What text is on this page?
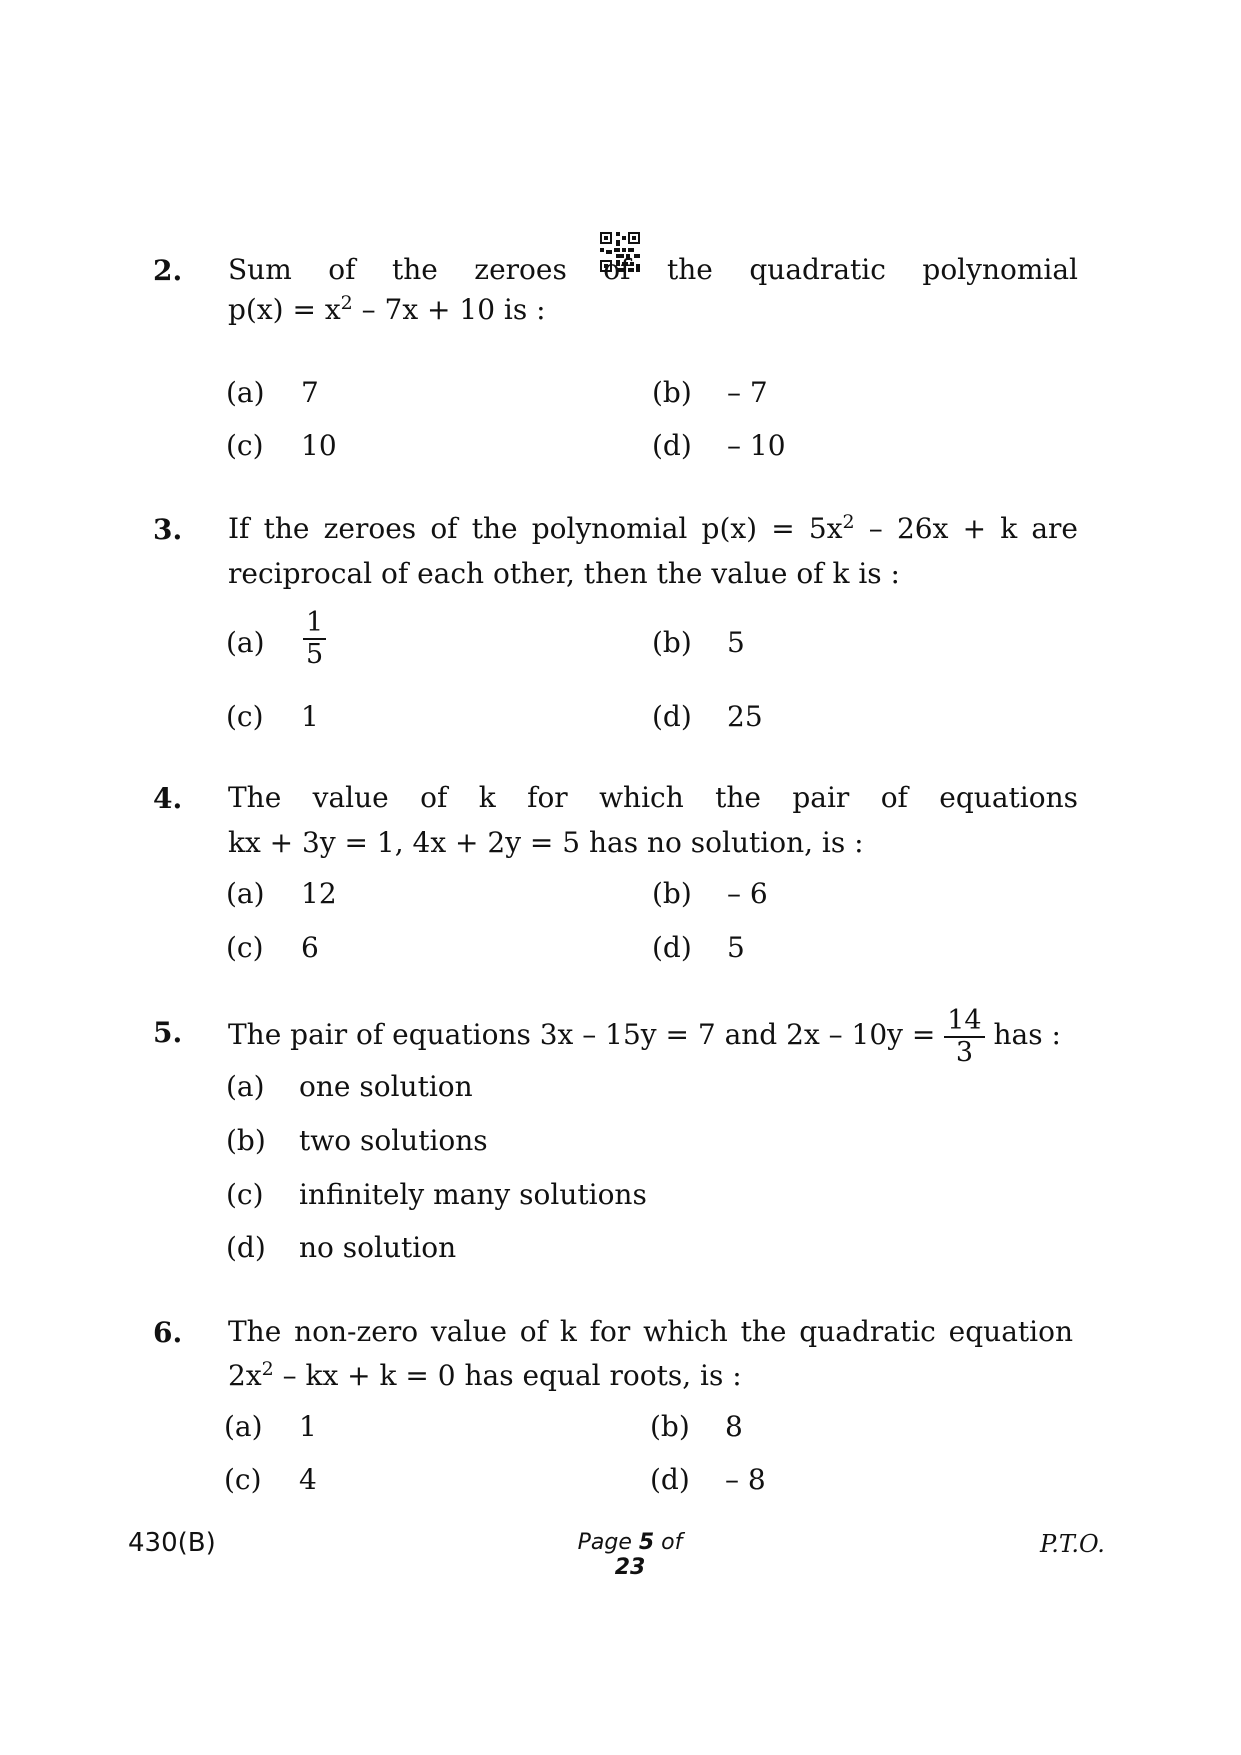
2. Sum of the zeroes of the quadratic polynomial
$p(x) = x^2 - 7x + 10$ is :
(a) 7	(b) – 7
(c) 10	(d) – 10
3. If the zeroes of the polynomial $p(x) = 5x^2 - 26x + k$ are
reciprocal of each other, then the value of k is :
$(a) \frac{1}{5}$	(b) 5
(c) 1	(d) 25
4. The value of k for which the pair of equations
kx + 3y = 1, 4x + 2y = 5 has no solution, is :
(a) 12	(b) – 6
(c) 6	(d) 5
5. The pair of equations 3x – 15y = 7 and $2x - 10y = \frac{14}{3}$ has :
(a) one solution
(b) two solutions
(c) infinitely many solutions
(d) no solution
6. The non-zero value of k for which the quadratic equation
$2x^2$ – kx + k = 0 has equal roots, is :
(a) 1	(b) 8
(c) 4	(d) – 8
430(B)	Page 5 of 23
P.T.O.
